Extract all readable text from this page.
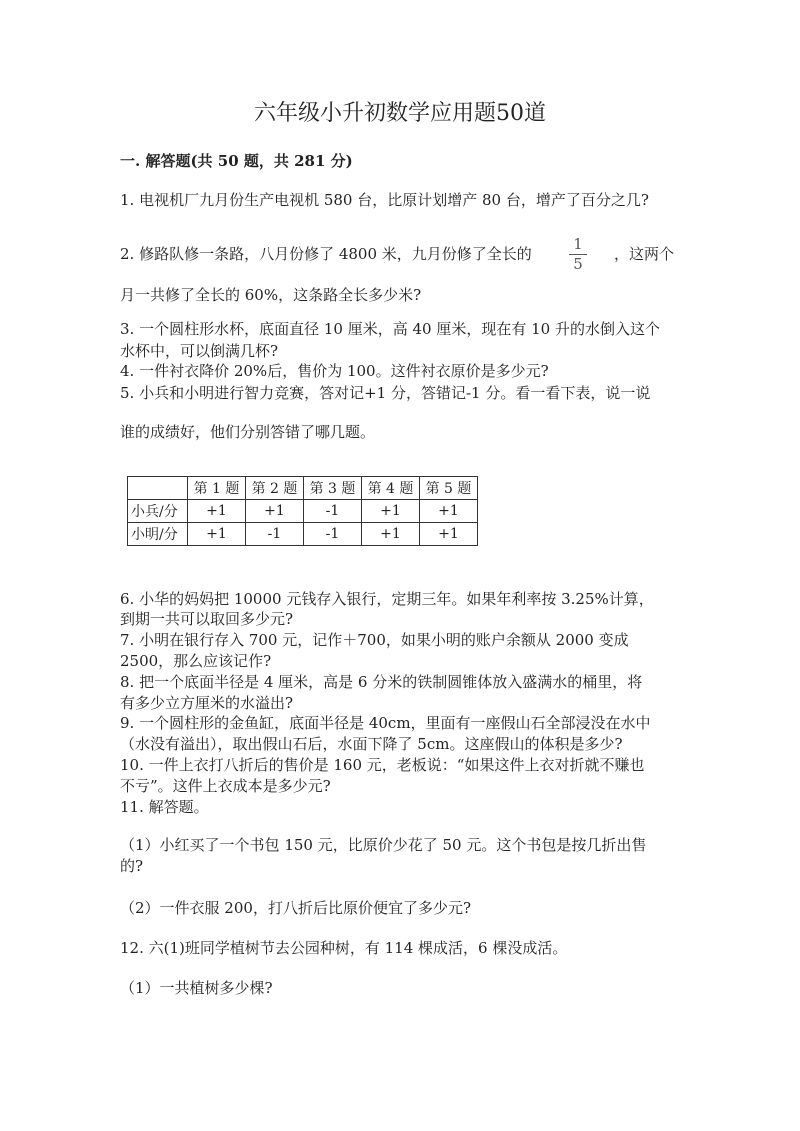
六年级小升初数学应用题50道
一. 解答题(共 50 题，共 281 分)
1. 电视机厂九月份生产电视机 580 台，比原计划增产 80 台，增产了百分之几?
2. 修路队修一条路，八月份修了 4800 米，九月份修了全长的
1
5
，这两个
月一共修了全长的 60%，这条路全长多少米?
3. 一个圆柱形水杯，底面直径 10 厘米，高 40 厘米，现在有 10 升的水倒入这个
水杯中，可以倒满几杯?
4. 一件衬衣降价 20%后，售价为 100。这件衬衣原价是多少元?
5. 小兵和小明进行智力竞赛，答对记+1 分，答错记-1 分。看一看下表，说一说
谁的成绩好，他们分别答错了哪几题。
	第 1 题	第 2 题	第 3 题	第 4 题	第 5 题
小兵/分	+1	+1	-1	+1	+1
小明/分	+1	-1	-1	+1	+1
6. 小华的妈妈把 10000 元钱存入银行，定期三年。如果年利率按 3.25%计算，
到期一共可以取回多少元?
7. 小明在银行存入 700 元，记作＋700，如果小明的账户余额从 2000 变成
2500，那么应该记作?
8. 把一个底面半径是 4 厘米，高是 6 分米的铁制圆锥体放入盛满水的桶里，将
有多少立方厘米的水溢出?
9. 一个圆柱形的金鱼缸，底面半径是 40cm，里面有一座假山石全部浸没在水中
（水没有溢出），取出假山石后，水面下降了 5cm。这座假山的体积是多少?
10. 一件上衣打八折后的售价是 160 元，老板说：“如果这件上衣对折就不赚也
不亏”。这件上衣成本是多少元?
11. 解答题。
（1）小红买了一个书包 150 元，比原价少花了 50 元。这个书包是按几折出售
的?
（2）一件衣服 200，打八折后比原价便宜了多少元?
12. 六(1)班同学植树节去公园种树，有 114 棵成活，6 棵没成活。
（1）一共植树多少棵?
